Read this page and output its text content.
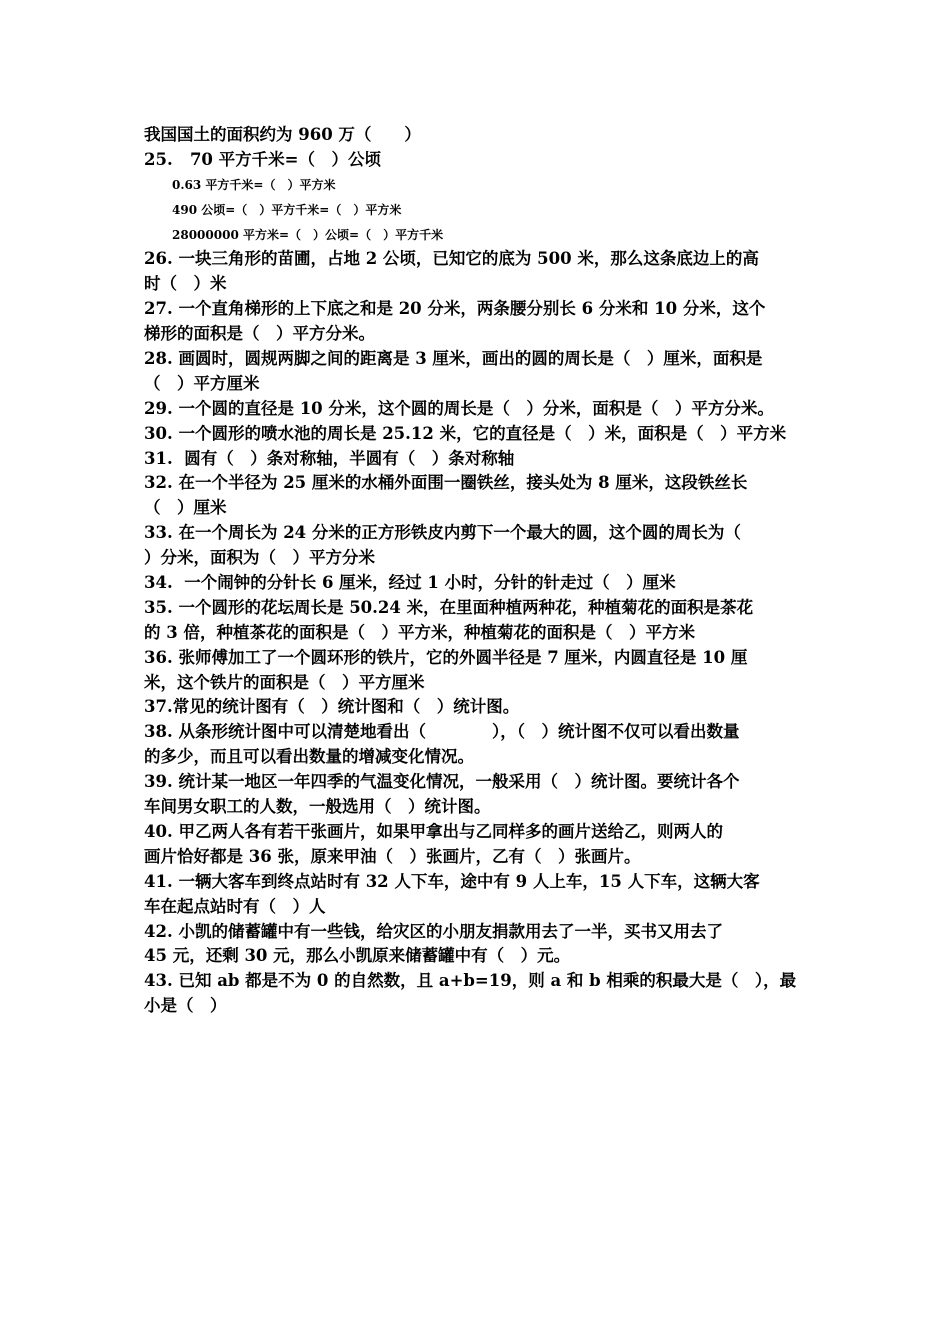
我国国土的面积约为 960 万（　　）
25.   70 平方千米=（　）公顷
0.63 平方千米=（　）平方米
490 公顷=（　）平方千米=（　）平方米
28000000 平方米=（　）公顷=（　）平方千米
26. 一块三角形的苗圃，占地 2 公顷，已知它的底为 500 米，那么这条底边上的高
时（　）米
27. 一个直角梯形的上下底之和是 20 分米，两条腰分别长 6 分米和 10 分米，这个
梯形的面积是（　）平方分米。
28. 画圆时，圆规两脚之间的距离是 3 厘米，画出的圆的周长是（　）厘米，面积是
（　）平方厘米
29. 一个圆的直径是 10 分米，这个圆的周长是（　）分米，面积是（　）平方分米。
30. 一个圆形的喷水池的周长是 25.12 米，它的直径是（　）米，面积是（　）平方米
31.  圆有（　）条对称轴，半圆有（　）条对称轴
32. 在一个半径为 25 厘米的水桶外面围一圈铁丝，接头处为 8 厘米，这段铁丝长
（　）厘米
33. 在一个周长为 24 分米的正方形铁皮内剪下一个最大的圆，这个圆的周长为（
）分米，面积为（　）平方分米
34.  一个闹钟的分针长 6 厘米，经过 1 小时，分针的针走过（　）厘米
35. 一个圆形的花坛周长是 50.24 米，在里面种植两种花，种植菊花的面积是茶花
的 3 倍，种植茶花的面积是（　）平方米，种植菊花的面积是（　）平方米
36. 张师傅加工了一个圆环形的铁片，它的外圆半径是 7 厘米，内圆直径是 10 厘
米，这个铁片的面积是（　）平方厘米
37.常见的统计图有（　）统计图和（　）统计图。
38. 从条形统计图中可以清楚地看出（　　　　），（　）统计图不仅可以看出数量
的多少，而且可以看出数量的增减变化情况。
39. 统计某一地区一年四季的气温变化情况，一般采用（　）统计图。要统计各个
车间男女职工的人数，一般选用（　）统计图。
40. 甲乙两人各有若干张画片，如果甲拿出与乙同样多的画片送给乙，则两人的
画片恰好都是 36 张，原来甲油（　）张画片，乙有（　）张画片。
41. 一辆大客车到终点站时有 32 人下车，途中有 9 人上车，15 人下车，这辆大客
车在起点站时有（　）人
42. 小凯的储蓄罐中有一些钱，给灾区的小朋友捐款用去了一半，买书又用去了
45 元，还剩 30 元，那么小凯原来储蓄罐中有（　）元。
43. 已知 ab 都是不为 0 的自然数，且 a+b=19，则 a 和 b 相乘的积最大是（　），最
小是（　）
